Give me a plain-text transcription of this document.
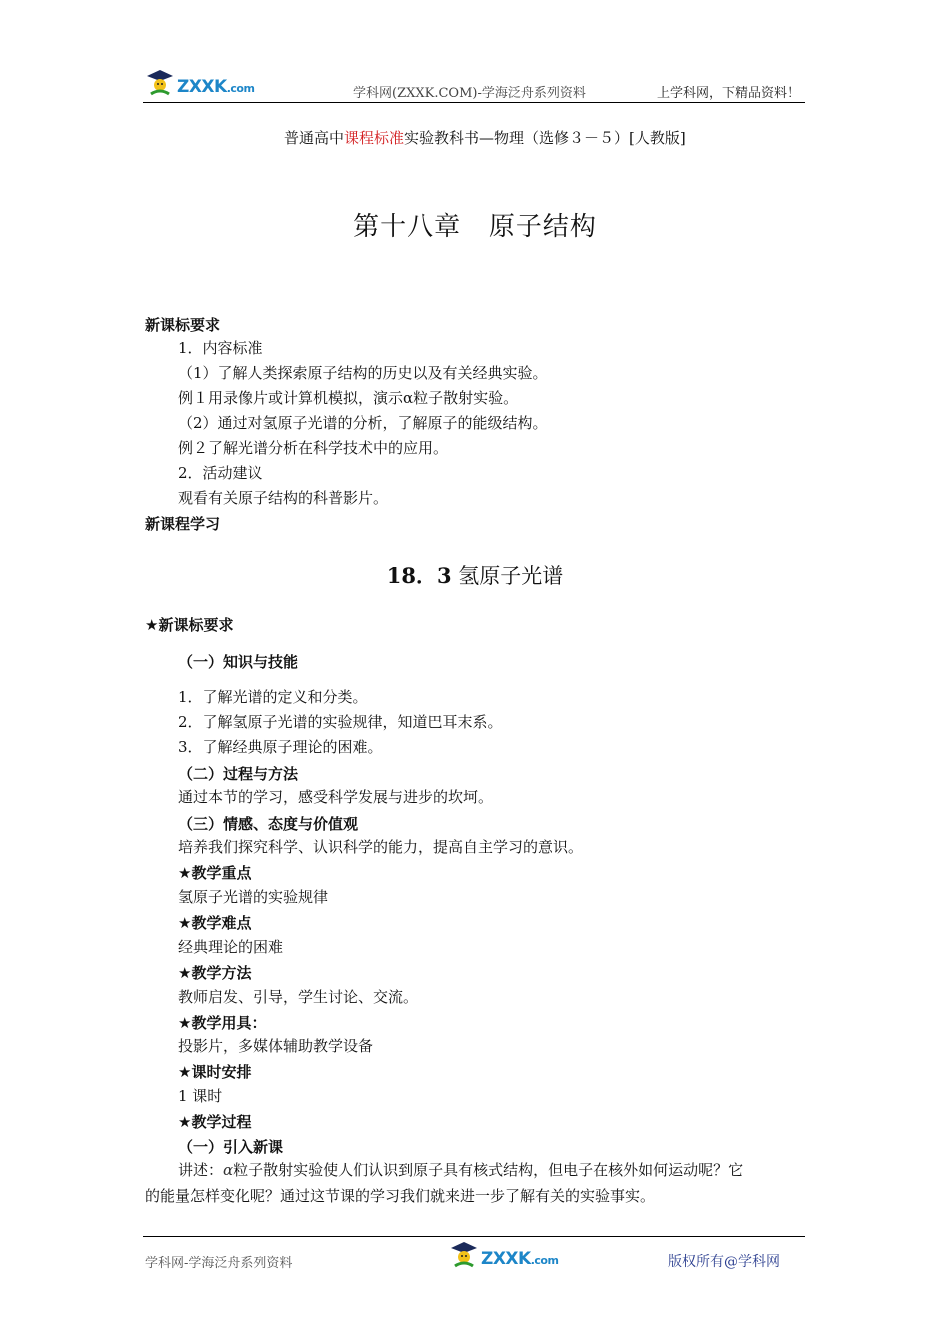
ZXXK.com	学科网(ZXXK.COM)-学海泛舟系列资料	上学科网，下精品资料！
普通高中课程标准实验教科书—物理（选修３－５）[人教版]
第十八章   原子结构
新课标要求
1．内容标准
（1）了解人类探索原子结构的历史以及有关经典实验。
例１用录像片或计算机模拟，演示α粒子散射实验。
（2）通过对氢原子光谱的分析，了解原子的能级结构。
例２了解光谱分析在科学技术中的应用。
2．活动建议
观看有关原子结构的科普影片。
新课程学习
18．3 氢原子光谱
★新课标要求
（一）知识与技能
1．了解光谱的定义和分类。
2．了解氢原子光谱的实验规律，知道巴耳末系。
3．了解经典原子理论的困难。
（二）过程与方法
通过本节的学习，感受科学发展与进步的坎坷。
（三）情感、态度与价值观
培养我们探究科学、认识科学的能力，提高自主学习的意识。
★教学重点
氢原子光谱的实验规律
★教学难点
经典理论的困难
★教学方法
教师启发、引导，学生讨论、交流。
★教学用具：
投影片，多媒体辅助教学设备
★课时安排
1 课时
★教学过程
（一）引入新课
讲述：α粒子散射实验使人们认识到原子具有核式结构，但电子在核外如何运动呢？它
的能量怎样变化呢？通过这节课的学习我们就来进一步了解有关的实验事实。
学科网-学海泛舟系列资料	ZXXK.com	版权所有@学科网
